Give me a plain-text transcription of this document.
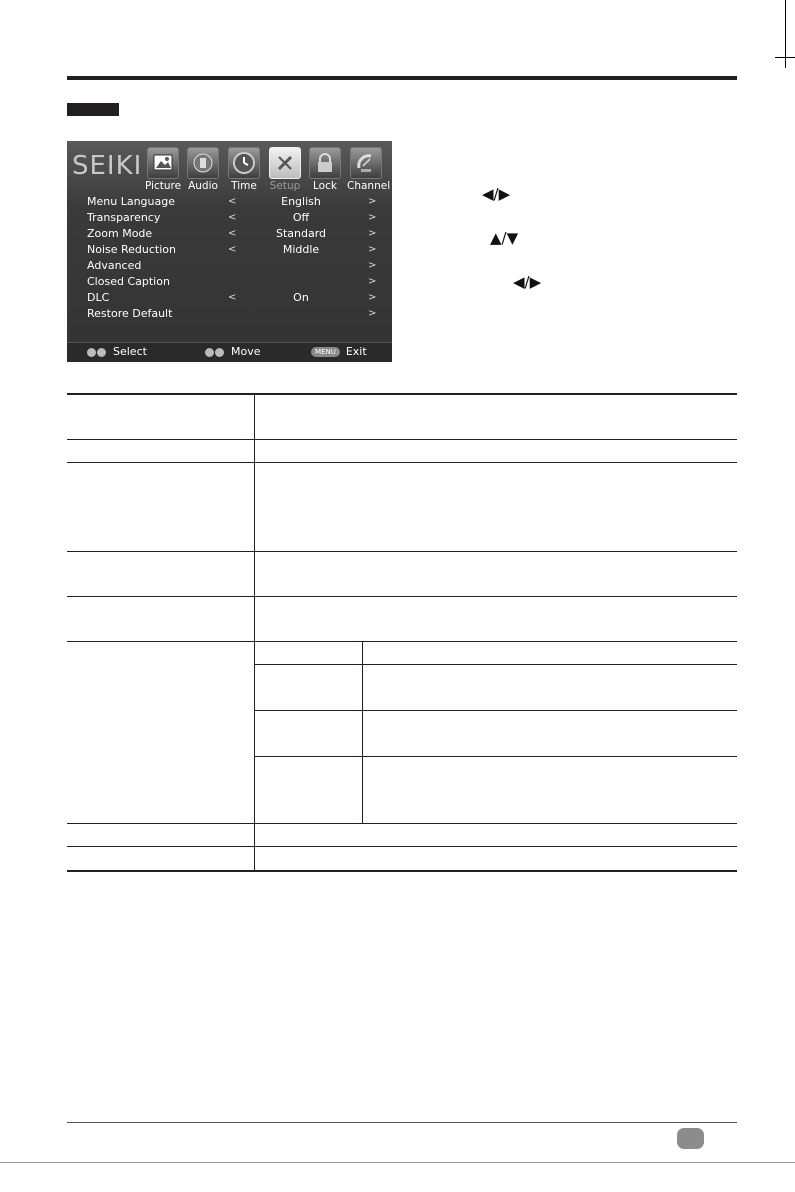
SEIKI
Picture Audio	Time	Setup	Lock Channel
Menu Language	<	English	>
Transparency	<	Off	>
Zoom Mode	<	Standard	>
Noise Reduction	<	Middle	>
Advanced	>
Closed Caption	>
DLC	<	On	>
Restore Default	>
Select	Move	MENU Exit
◀/▶
▲/▼
◀/▶
